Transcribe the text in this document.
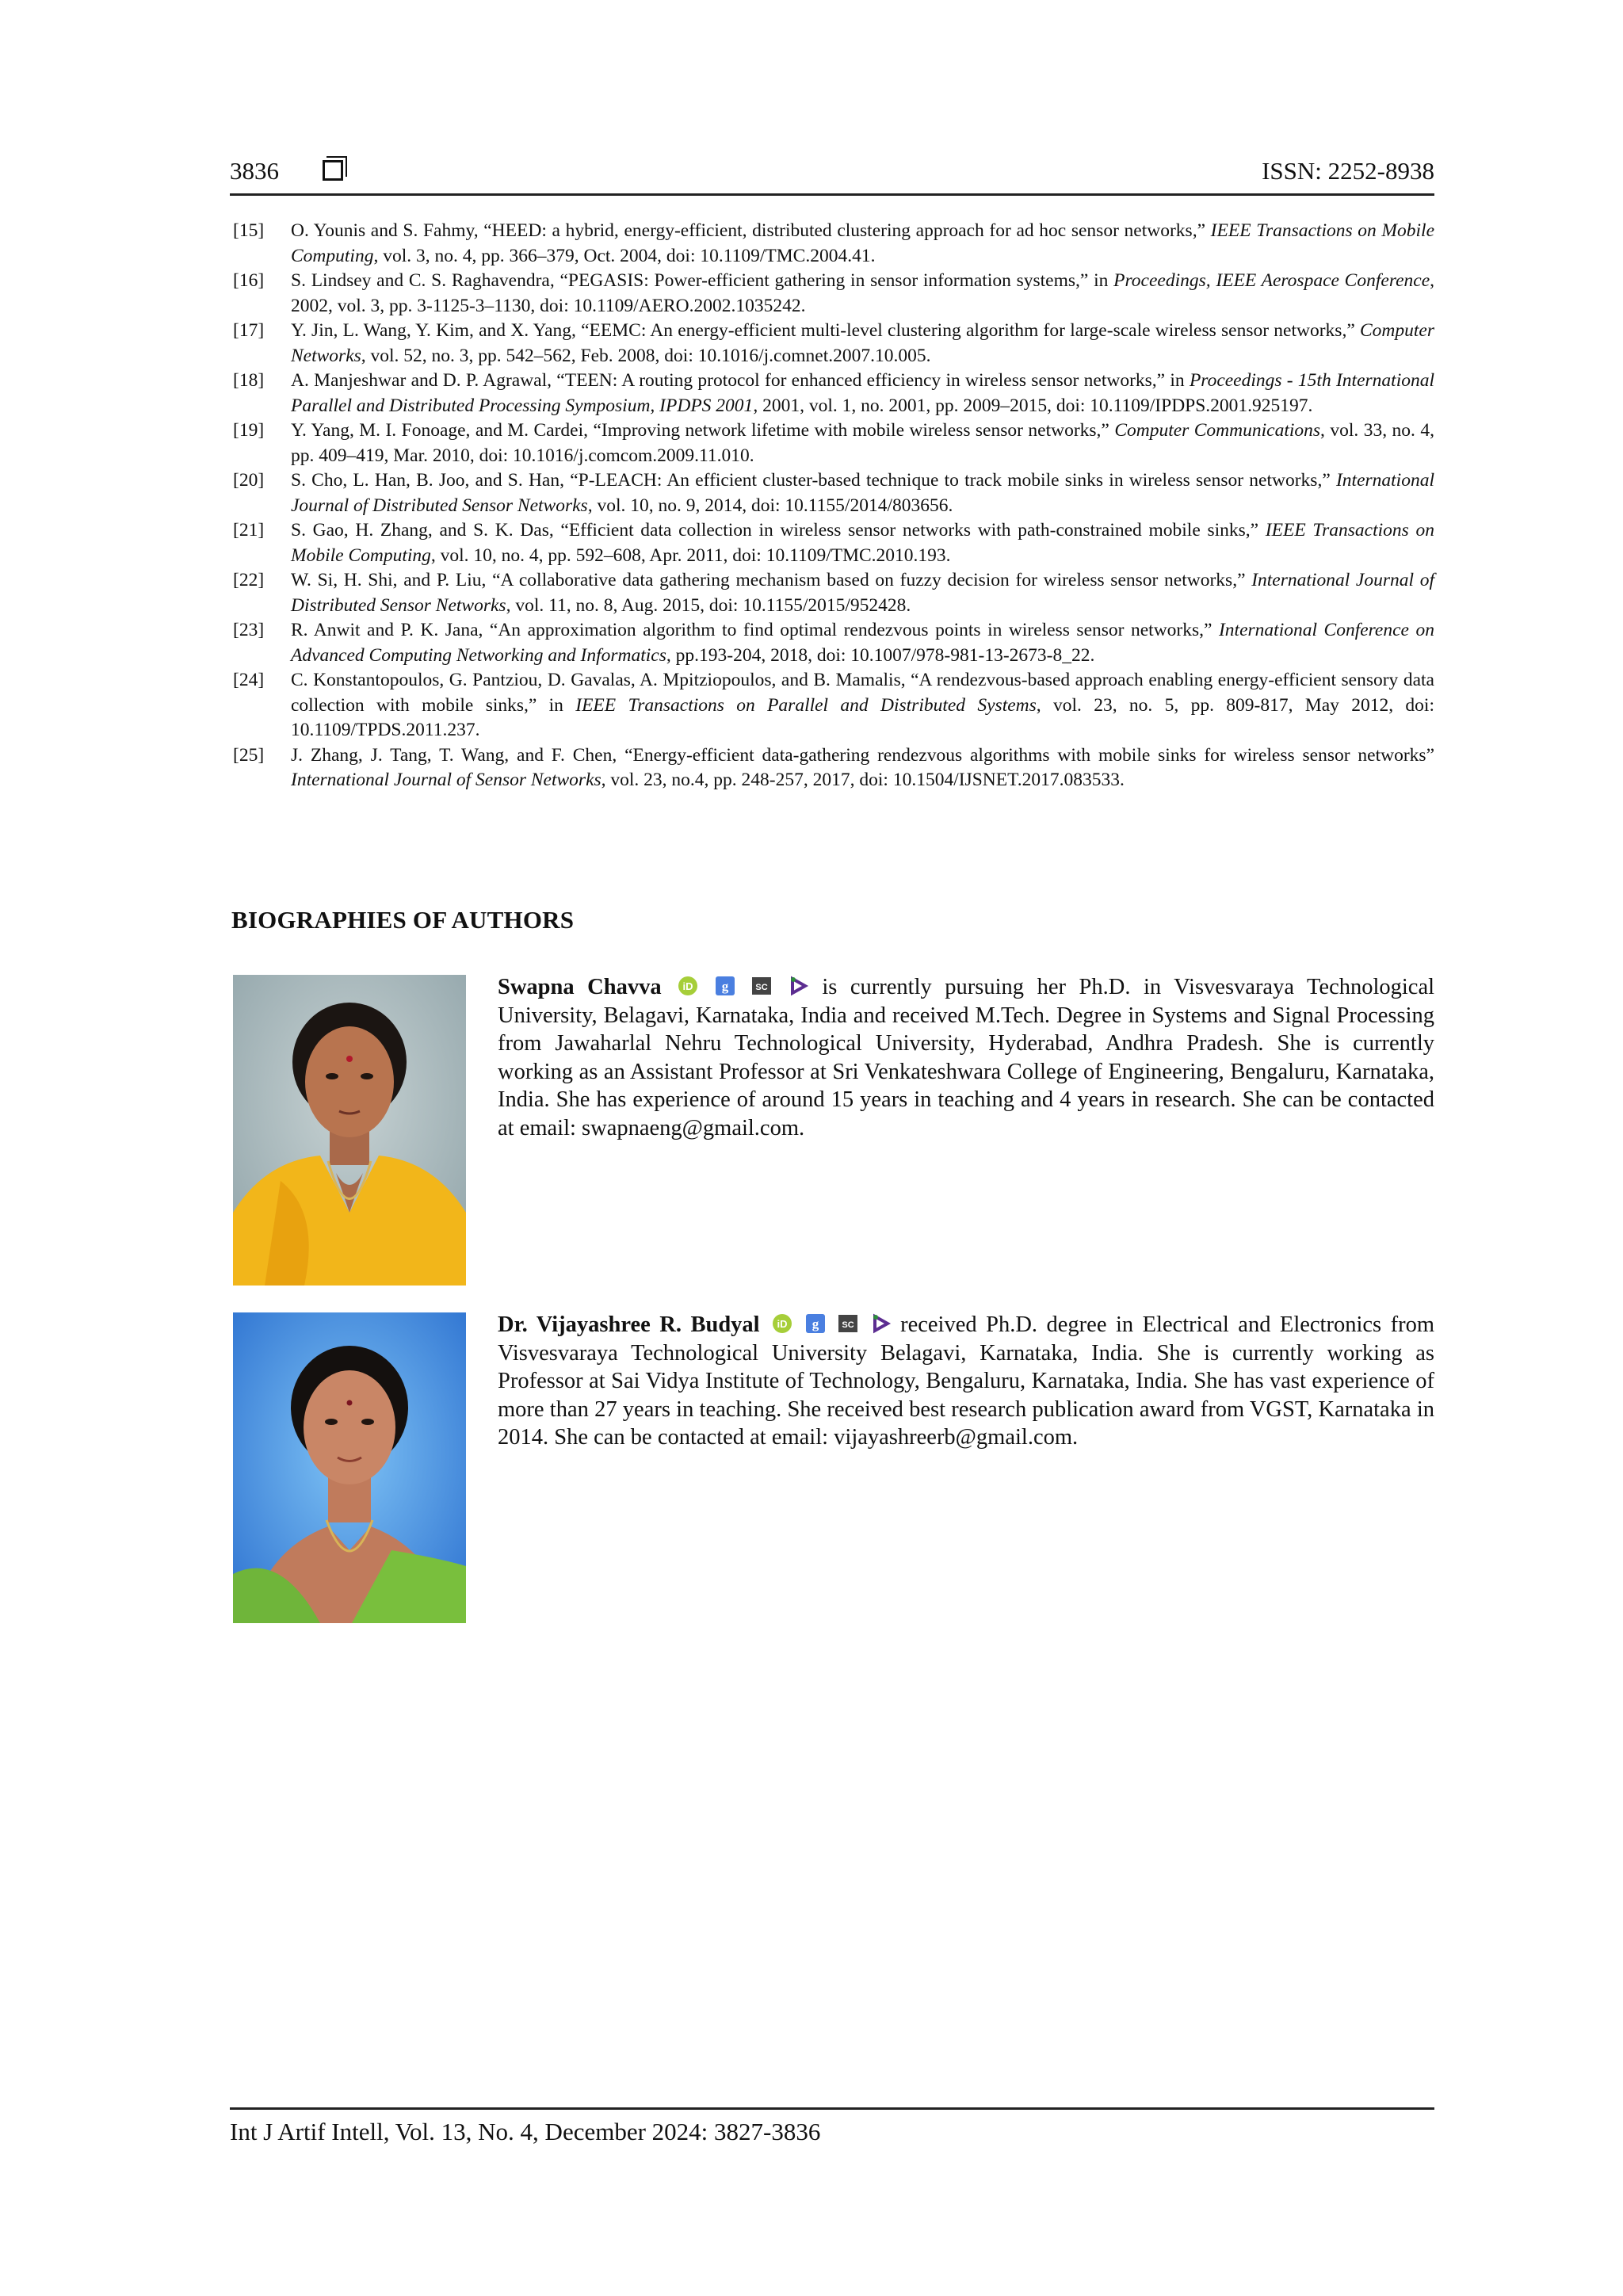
3836	ISSN: 2252-8938
[15] O. Younis and S. Fahmy, “HEED: a hybrid, energy-efficient, distributed clustering approach for ad hoc sensor networks,” IEEE Transactions on Mobile Computing, vol. 3, no. 4, pp. 366–379, Oct. 2004, doi: 10.1109/TMC.2004.41.
[16] S. Lindsey and C. S. Raghavendra, “PEGASIS: Power-efficient gathering in sensor information systems,” in Proceedings, IEEE Aerospace Conference, 2002, vol. 3, pp. 3-1125-3–1130, doi: 10.1109/AERO.2002.1035242.
[17] Y. Jin, L. Wang, Y. Kim, and X. Yang, “EEMC: An energy-efficient multi-level clustering algorithm for large-scale wireless sensor networks,” Computer Networks, vol. 52, no. 3, pp. 542–562, Feb. 2008, doi: 10.1016/j.comnet.2007.10.005.
[18] A. Manjeshwar and D. P. Agrawal, “TEEN: A routing protocol for enhanced efficiency in wireless sensor networks,” in Proceedings - 15th International Parallel and Distributed Processing Symposium, IPDPS 2001, 2001, vol. 1, no. 2001, pp. 2009–2015, doi: 10.1109/IPDPS.2001.925197.
[19] Y. Yang, M. I. Fonoage, and M. Cardei, “Improving network lifetime with mobile wireless sensor networks,” Computer Communications, vol. 33, no. 4, pp. 409–419, Mar. 2010, doi: 10.1016/j.comcom.2009.11.010.
[20] S. Cho, L. Han, B. Joo, and S. Han, “P-LEACH: An efficient cluster-based technique to track mobile sinks in wireless sensor networks,” International Journal of Distributed Sensor Networks, vol. 10, no. 9, 2014, doi: 10.1155/2014/803656.
[21] S. Gao, H. Zhang, and S. K. Das, “Efficient data collection in wireless sensor networks with path-constrained mobile sinks,” IEEE Transactions on Mobile Computing, vol. 10, no. 4, pp. 592–608, Apr. 2011, doi: 10.1109/TMC.2010.193.
[22] W. Si, H. Shi, and P. Liu, “A collaborative data gathering mechanism based on fuzzy decision for wireless sensor networks,” International Journal of Distributed Sensor Networks, vol. 11, no. 8, Aug. 2015, doi: 10.1155/2015/952428.
[23] R. Anwit and P. K. Jana, “An approximation algorithm to find optimal rendezvous points in wireless sensor networks,” International Conference on Advanced Computing Networking and Informatics, pp.193-204, 2018, doi: 10.1007/978-981-13-2673-8_22.
[24] C. Konstantopoulos, G. Pantziou, D. Gavalas, A. Mpitziopoulos, and B. Mamalis, “A rendezvous-based approach enabling energy-efficient sensory data collection with mobile sinks,” in IEEE Transactions on Parallel and Distributed Systems, vol. 23, no. 5, pp. 809-817, May 2012, doi: 10.1109/TPDS.2011.237.
[25] J. Zhang, J. Tang, T. Wang, and F. Chen, “Energy-efficient data-gathering rendezvous algorithms with mobile sinks for wireless sensor networks” International Journal of Sensor Networks, vol. 23, no.4, pp. 248-257, 2017, doi: 10.1504/IJSNET.2017.083533.
BIOGRAPHIES OF AUTHORS
Swapna Chavva iD
g
	SC is currently pursuing her Ph.D. in Visvesvaraya Technological University, Belagavi, Karnataka, India and received M.Tech. Degree in Systems and Signal Processing from Jawaharlal Nehru Technological University, Hyderabad, Andhra Pradesh. She is currently working as an Assistant Professor at Sri Venkateshwara College of Engineering, Bengaluru, Karnataka, India. She has experience of around 15 years in teaching and 4 years in research. She can be contacted at email: swapnaeng@gmail.com.
Dr. Vijayashree R. Budyal iD
g
	SC received Ph.D. degree in Electrical and Electronics from Visvesvaraya Technological University Belagavi, Karnataka, India. She is currently working as Professor at Sai Vidya Institute of Technology, Bengaluru, Karnataka, India. She has vast experience of more than 27 years in teaching. She received best research publication award from VGST, Karnataka in 2014. She can be contacted at email: vijayashreerb@gmail.com.
Int J Artif Intell, Vol. 13, No. 4, December 2024: 3827-3836
